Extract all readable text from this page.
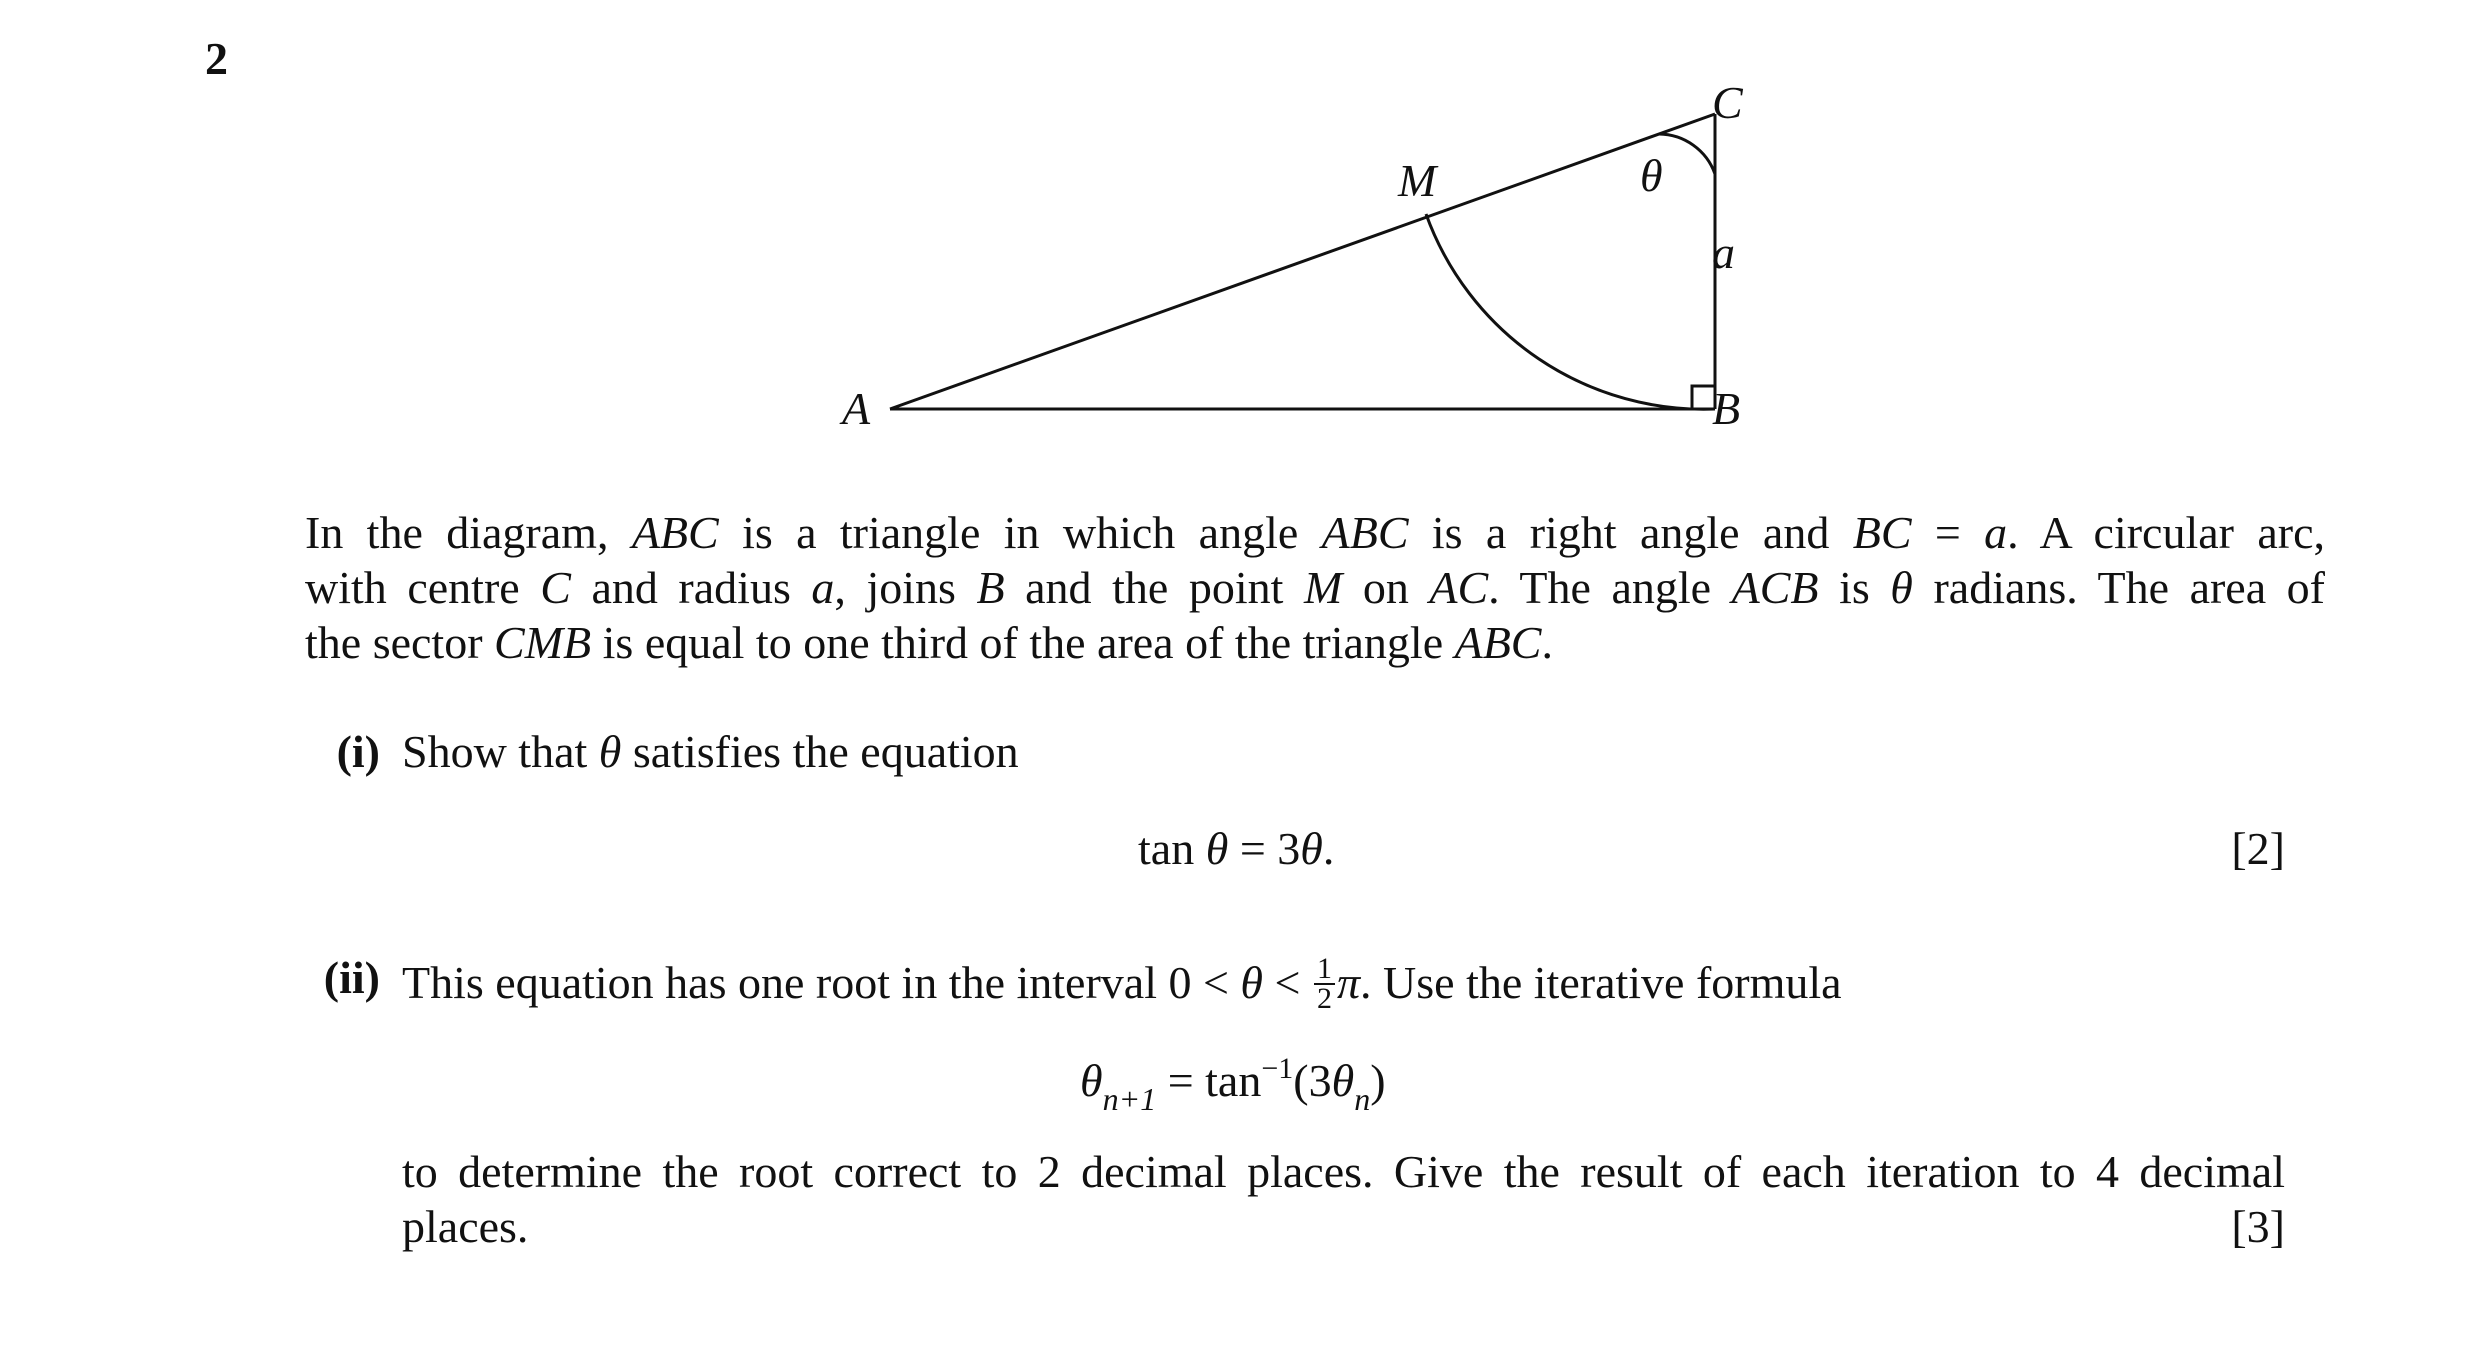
2
A	B
C
M	θ
a

In the diagram, ABC is a triangle in which angle ABC is a right angle and BC = a. A circular arc,

with centre C and radius a, joins B and the point M on AC. The angle ACB is θ radians. The area of

the sector CMB is equal to one third of the area of the triangle ABC.

(i) Show that θ satisfies the equation
tan θ = 3θ.	[2]
(ii) This equation has one root in the interval $0 < \theta < \frac{1}{2} \pi$. Use the iterative formula
$\theta_{n+1} = \tan^{-1}(3\theta_n)$
to determine the root correct to 2 decimal places. Give the result of each iteration to 4 decimal
places.	[3]
